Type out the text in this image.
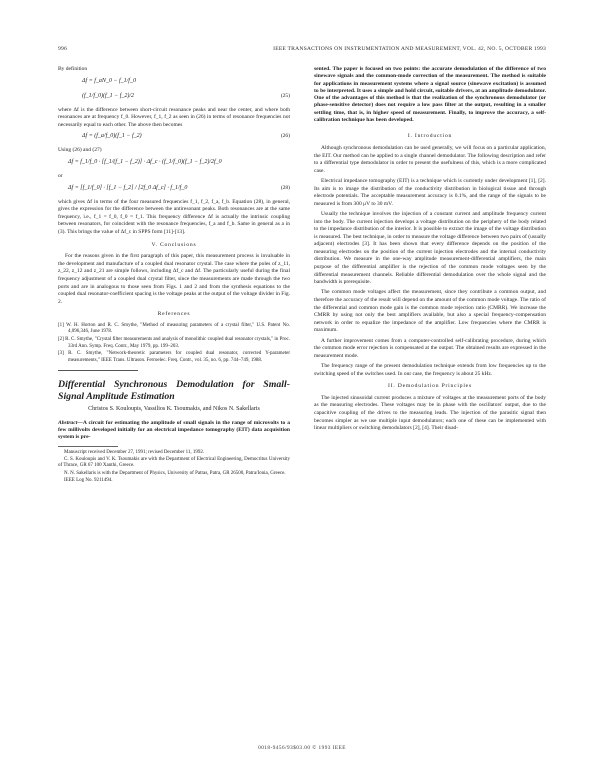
996	IEEE TRANSACTIONS ON INSTRUMENTATION AND MEASUREMENT, VOL. 42, NO. 5, OCTOBER 1993

By definition

Δf = f_aN_0 − f_1/f_0
(f_1/f_0)(f_1 − f_2)/2	(25)

where Δf is the difference between short-circuit resonance peaks and near the center, and where both resonances are at frequency f_0. However, f_1, f_2 as seen in (26) in terms of resonance frequencies not necessarily equal to each other. The above then becomes

Δf = (f_a/f_0)(f_1 − f_2)	(26)

Using (26) and (27)

Δf = f_1/f_0 · [f_1/(f_1 − f_2)] · Δf_c · (f_1/f_0)(f_1 − f_2)/2f_0

or

Δf = [f_1/f_0] · [f_1 − f_2] / [2f_0 Δf_c] · f_1/f_0	(28)

which gives Δf in terms of the four measured frequencies f_1, f_2, f_a, f_b. Equation (28), in general, gives the expression for the difference between the antiresonant peaks. Both resonances are at the same frequency, i.e., f_1 = f_0, f_0 = f_1. This frequency difference Δf is actually the intrinsic coupling between resonators, for coincident with the resonance frequencies, f_a and f_b. Same in general as a in (3). This brings the value of Δf_c in SPPS form [11]-[13].

V. Conclusions

For the reasons given in the first paragraph of this paper, this measurement process is invaluable in the development and manufacture of a coupled dual resonator crystal. The case where the poles of z_11, z_22, z_12 and z_21 are simple follows, including Δf_c and Δf. The particularly useful during the final frequency adjustment of a coupled dual crystal filter, since the measurements are made through the two ports and are in analogous to those seen from Figs. 1 and 2 and from the synthesis equations to the coupled dual resonator-coefficient spacing is the voltage peaks at the output of the voltage divider in Fig. 2.

References
[1] W. H. Horton and R. C. Smythe, "Method of measuring parameters of a crystal filter," U.S. Patent No. 4,096,346, June 1978.
[2] R. C. Smythe, "Crystal filter measurements and analysis of monolithic coupled dual resonator crystals," in Proc. 33rd Ann. Symp. Freq. Contr., May 1979, pp. 199–203.
[3] R. C. Smythe, "Network-theoretic parameters for coupled dual resonator, corrected Y-parameter measurements," IEEE Trans. Ultrason. Ferroelec. Freq. Contr., vol. 35, no. 6, pp. 744–749, 1988.
Differential Synchronous Demodulation for Small-Signal Amplitude Estimation
Christos S. Kouloupis, Vassilios K. Tsoumakis, and Nikos N. Sakellaris
Abstract—A circuit for estimating the amplitude of small signals in the range of microvolts to a few millivolts developed initially for an electrical impedance tomography (EIT) data acquisition system is pre-

Manuscript received December 27, 1991; revised December 11, 1992.

C. S. Kouloupis and V. K. Tsoumakis are with the Department of Electrical Engineering, Democritus University of Thrace, GR 67 100 Xanthi, Greece.

N. N. Sakellaris is with the Department of Physics, University of Patras, Patra, GR 26500, Patra/Ionia, Greece.

IEEE Log No. 9211494.

sented. The paper is focused on two points: the accurate demodulation of the difference of two sinewave signals and the common-mode correction of the measurement. The method is suitable for applications in measurement systems where a signal source (sinewave excitation) is assumed to be interpreted. It uses a simple and hold circuit, suitable drivers, at an amplitude demodulator. One of the advantages of this method is that the realization of the synchronous demodulator (or phase-sensitive detector) does not require a low pass filter at the output, resulting in a smaller settling time, that is, in higher speed of measurement. Finally, to improve the accuracy, a self-calibration technique has been developed.
I. Introduction

Although synchronous demodulation can be used generally, we will focus on a particular application, the EIT. Our method can be applied to a single channel demodulator. The following description and refer to a differential type demodulator in order to present the usefulness of this, which is a more complicated case.

Electrical impedance tomography (EIT) is a technique which is currently under development [1], [2]. Its aim is to image the distribution of the conductivity distribution in biological tissue and through electrode potentials. The acceptable measurement accuracy is 0.1%, and the range of the signals to be measured is from 300 μV to 30 mV.

Usually the technique involves the injection of a constant current and amplitude frequency current into the body. The current injection develops a voltage distribution on the periphery of the body related to the impedance distribution of the interior. It is possible to extract the image of the voltage distribution is measured. The best technique, in order to measure the voltage difference between two pairs of (usually adjacent) electrodes [3]. It has been shown that every difference depends on the position of the measuring electrodes on the position of the current injection electrodes and the internal conductivity distribution. We measure in the one-way amplitude measurement-differential amplifiers, the main purpose of the differential amplifier is the rejection of the common mode voltages seen by the differential measurement channels. Reliable differential demodulation over the whole signal and the bandwidth is prerequisite.

The common mode voltages affect the measurement, since they contribute a common output, and therefore the accuracy of the result will depend on the amount of the common mode voltage. The ratio of the differential and common mode gain is the common mode rejection ratio (CMRR). We increase the CMRR by using not only the best amplifiers available, but also a special frequency-compensation network in order to equalize the impedance of the amplifier. Low frequencies where the CMRR is maximum.

A further improvement comes from a computer-controlled self-calibrating procedure, during which the common mode error rejection is compensated at the output. The obtained results are expressed in the measurement mode.

The frequency range of the present demodulation technique extends from low frequencies up to the switching speed of the switches used. In our case, the frequency is about 25 kHz.

II. Demodulation Principles

The injected sinusoidal current produces a mixture of voltages at the measurement ports of the body as the measuring electrodes. These voltages may be in phase with the oscillators' output, due to the capacitive coupling of the drives to the measuring leads. The injection of the parasitic signal then becomes simpler as we use multiple input demodulators; each one of these can be implemented with linear multipliers or switching demodulators [2], [4]. Their disad-

0018-9456/93$03.00 © 1993 IEEE
